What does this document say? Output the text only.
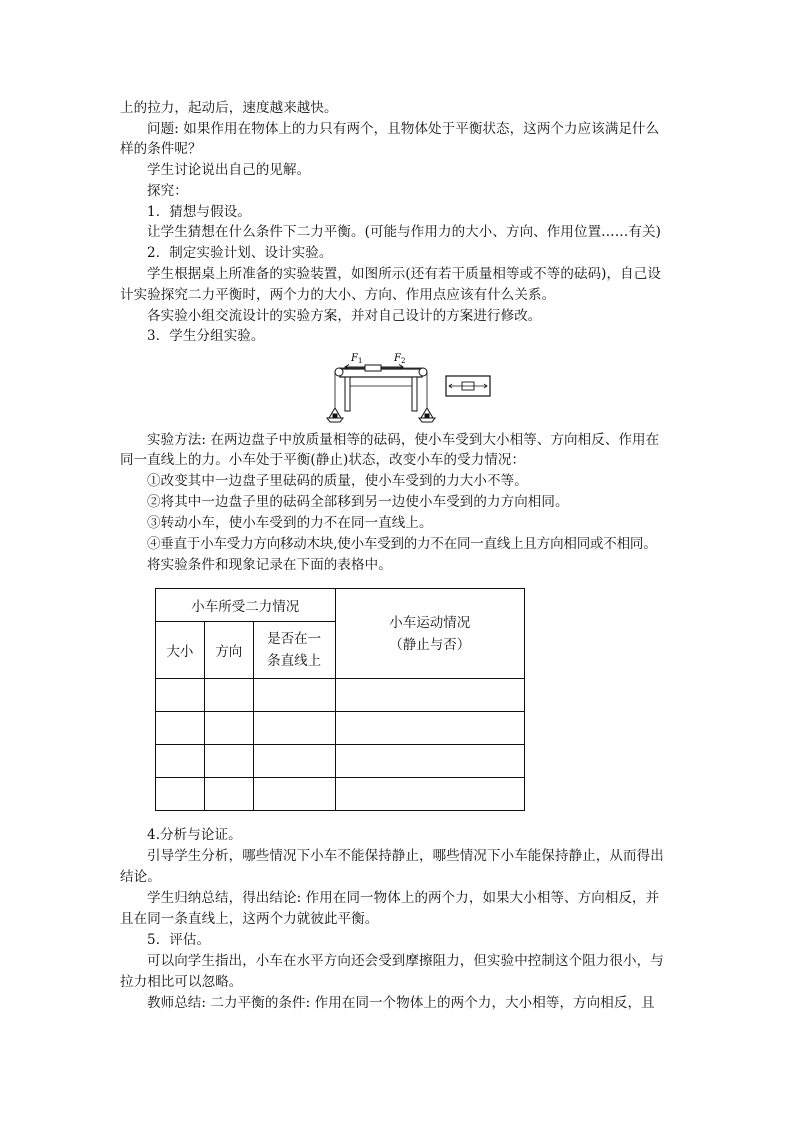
上的拉力，起动后，速度越来越快。
问题: 如果作用在物体上的力只有两个，且物体处于平衡状态，这两个力应该满足什么
样的条件呢？
学生讨论说出自己的见解。
探究：
1．猜想与假设。
让学生猜想在什么条件下二力平衡。(可能与作用力的大小、方向、作用位置……有关)
2．制定实验计划、设计实验。
学生根据桌上所准备的实验装置，如图所示(还有若干质量相等或不等的砝码)，自己设
计实验探究二力平衡时，两个力的大小、方向、作用点应该有什么关系。
各实验小组交流设计的实验方案，并对自己设计的方案进行修改。
3．学生分组实验。
F 1	F 2
实验方法: 在两边盘子中放质量相等的砝码，使小车受到大小相等、方向相反、作用在
同一直线上的力。小车处于平衡(静止)状态，改变小车的受力情况：
①改变其中一边盘子里砝码的质量，使小车受到的力大小不等。
②将其中一边盘子里的砝码全部移到另一边使小车受到的力方向相同。
③转动小车，使小车受到的力不在同一直线上。
④垂直于小车受力方向移动木块,使小车受到的力不在同一直线上且方向相同或不相同。
将实验条件和现象记录在下面的表格中。
小车所受二力情况			小车运动情况
（静止与否）

大小	方向	是否在一
条直线上	

4.分析与论证。
引导学生分析，哪些情况下小车不能保持静止，哪些情况下小车能保持静止，从而得出
结论。
学生归纳总结，得出结论: 作用在同一物体上的两个力，如果大小相等、方向相反，并
且在同一条直线上，这两个力就彼此平衡。
5．评估。
可以向学生指出，小车在水平方向还会受到摩擦阻力，但实验中控制这个阻力很小，与
拉力相比可以忽略。
教师总结: 二力平衡的条件: 作用在同一个物体上的两个力，大小相等，方向相反，且
